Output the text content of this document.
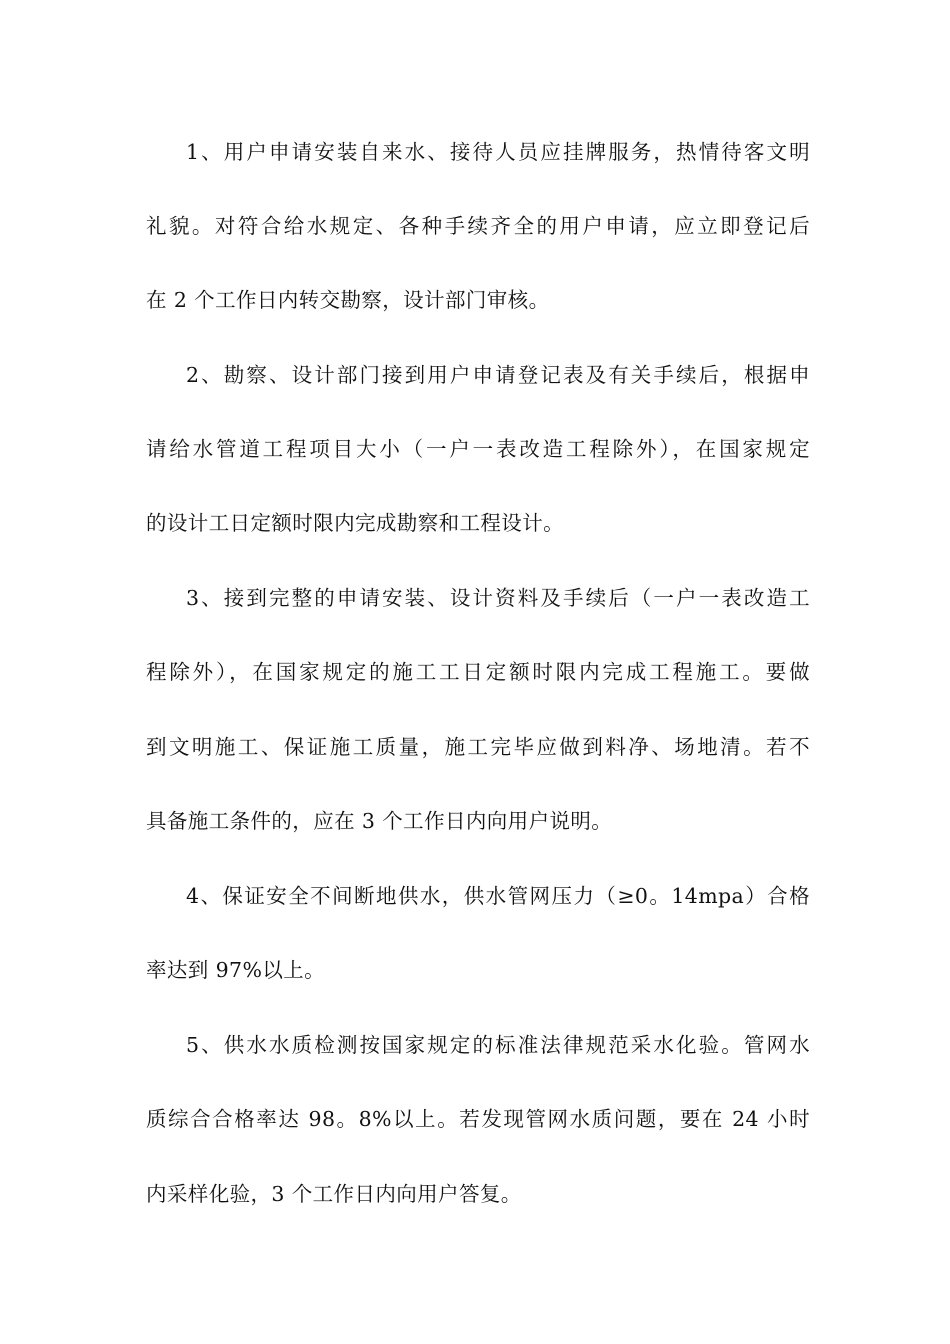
1、用户申请安装自来水、接待人员应挂牌服务，热情待客文明
礼貌。对符合给水规定、各种手续齐全的用户申请，应立即登记后
在 2 个工作日内转交勘察，设计部门审核。
2、勘察、设计部门接到用户申请登记表及有关手续后，根据申
请给水管道工程项目大小（一户一表改造工程除外），在国家规定
的设计工日定额时限内完成勘察和工程设计。
3、接到完整的申请安装、设计资料及手续后（一户一表改造工
程除外），在国家规定的施工工日定额时限内完成工程施工。要做
到文明施工、保证施工质量，施工完毕应做到料净、场地清。若不
具备施工条件的，应在 3 个工作日内向用户说明。
4、保证安全不间断地供水，供水管网压力（≥0。14mpa）合格
率达到 97%以上。
5、供水水质检测按国家规定的标准法律规范采水化验。管网水
质综合合格率达 98。8%以上。若发现管网水质问题，要在 24 小时
内采样化验，3 个工作日内向用户答复。
